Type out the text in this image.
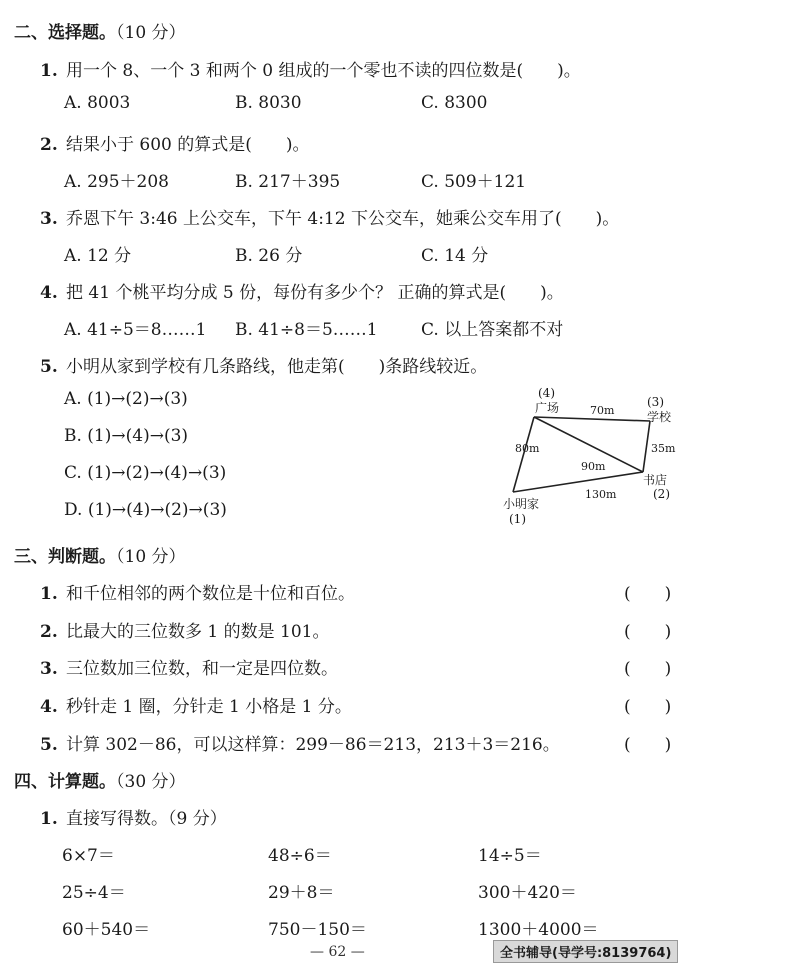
二、选择题。（10 分）
1. 用一个 8、一个 3 和两个 0 组成的一个零也不读的四位数是(　　)。
A. 8003	B. 8030	C. 8300
2. 结果小于 600 的算式是(　　)。
A. 295＋208	B. 217＋395	C. 509＋121
3. 乔恩下午 3:46 上公交车，下午 4:12 下公交车，她乘公交车用了(　　)。
A. 12 分	B. 26 分	C. 14 分
4. 把 41 个桃平均分成 5 份，每份有多少个？ 正确的算式是(　　)。
A. 41÷5＝8……1 B. 41÷8＝5……1	C. 以上答案都不对
5. 小明从家到学校有几条路线，他走第(　　)条路线较近。
A. (1)→(2)→(3)
B. (1)→(4)→(3)
C. (1)→(2)→(4)→(3)
D. (1)→(4)→(2)→(3)
(4)
广场	(3)
学校
书店
(2)
小明家
(1)
70m
80m
90m
35m
130m
三、判断题。（10 分）
1. 和千位相邻的两个数位是十位和百位。	(　　)
2. 比最大的三位数多 1 的数是 101。	(　　)
3. 三位数加三位数，和一定是四位数。	(　　)
4. 秒针走 1 圈，分针走 1 小格是 1 分。	(　　)
5. 计算 302－86，可以这样算：299－86＝213，213＋3＝216。	(　　)
四、计算题。（30 分）
1. 直接写得数。（9 分）
6×7＝	48÷6＝	14÷5＝
25÷4＝	29＋8＝	300＋420＝
60＋540＝	750－150＝	1300＋4000＝
— 62 —	全书辅导(导学号:8139764)
